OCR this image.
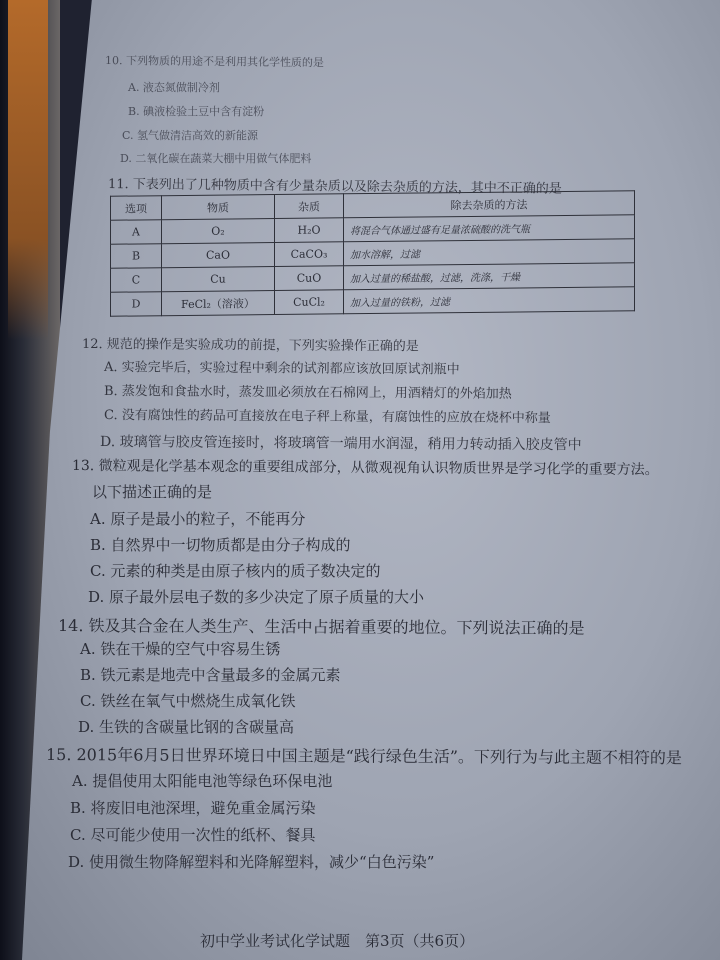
10. 下列物质的用途不是利用其化学性质的是
A. 液态氮做制冷剂
B. 碘液检验土豆中含有淀粉
C. 氢气做清洁高效的新能源
D. 二氧化碳在蔬菜大棚中用做气体肥料
11. 下表列出了几种物质中含有少量杂质以及除去杂质的方法，其中不正确的是
选项	物质	杂质	除去杂质的方法
A	O₂	H₂O	将混合气体通过盛有足量浓硫酸的洗气瓶
B	CaO	CaCO₃	加水溶解，过滤
C	Cu	CuO	加入过量的稀盐酸，过滤，洗涤，干燥
D	FeCl₂（溶液）	CuCl₂	加入过量的铁粉，过滤
12. 规范的操作是实验成功的前提，下列实验操作正确的是
A. 实验完毕后，实验过程中剩余的试剂都应该放回原试剂瓶中
B. 蒸发饱和食盐水时，蒸发皿必须放在石棉网上，用酒精灯的外焰加热
C. 没有腐蚀性的药品可直接放在电子秤上称量，有腐蚀性的应放在烧杯中称量
D. 玻璃管与胶皮管连接时，将玻璃管一端用水润湿，稍用力转动插入胶皮管中
13. 微粒观是化学基本观念的重要组成部分，从微观视角认识物质世界是学习化学的重要方法。
以下描述正确的是
A. 原子是最小的粒子，不能再分
B. 自然界中一切物质都是由分子构成的
C. 元素的种类是由原子核内的质子数决定的
D. 原子最外层电子数的多少决定了原子质量的大小
14. 铁及其合金在人类生产、生活中占据着重要的地位。下列说法正确的是
A. 铁在干燥的空气中容易生锈
B. 铁元素是地壳中含量最多的金属元素
C. 铁丝在氧气中燃烧生成氧化铁
D. 生铁的含碳量比钢的含碳量高
15. 2015年6月5日世界环境日中国主题是“践行绿色生活”。下列行为与此主题不相符的是
A. 提倡使用太阳能电池等绿色环保电池
B. 将废旧电池深埋，避免重金属污染
C. 尽可能少使用一次性的纸杯、餐具
D. 使用微生物降解塑料和光降解塑料，减少“白色污染”
初中学业考试化学试题　第3页（共6页）
